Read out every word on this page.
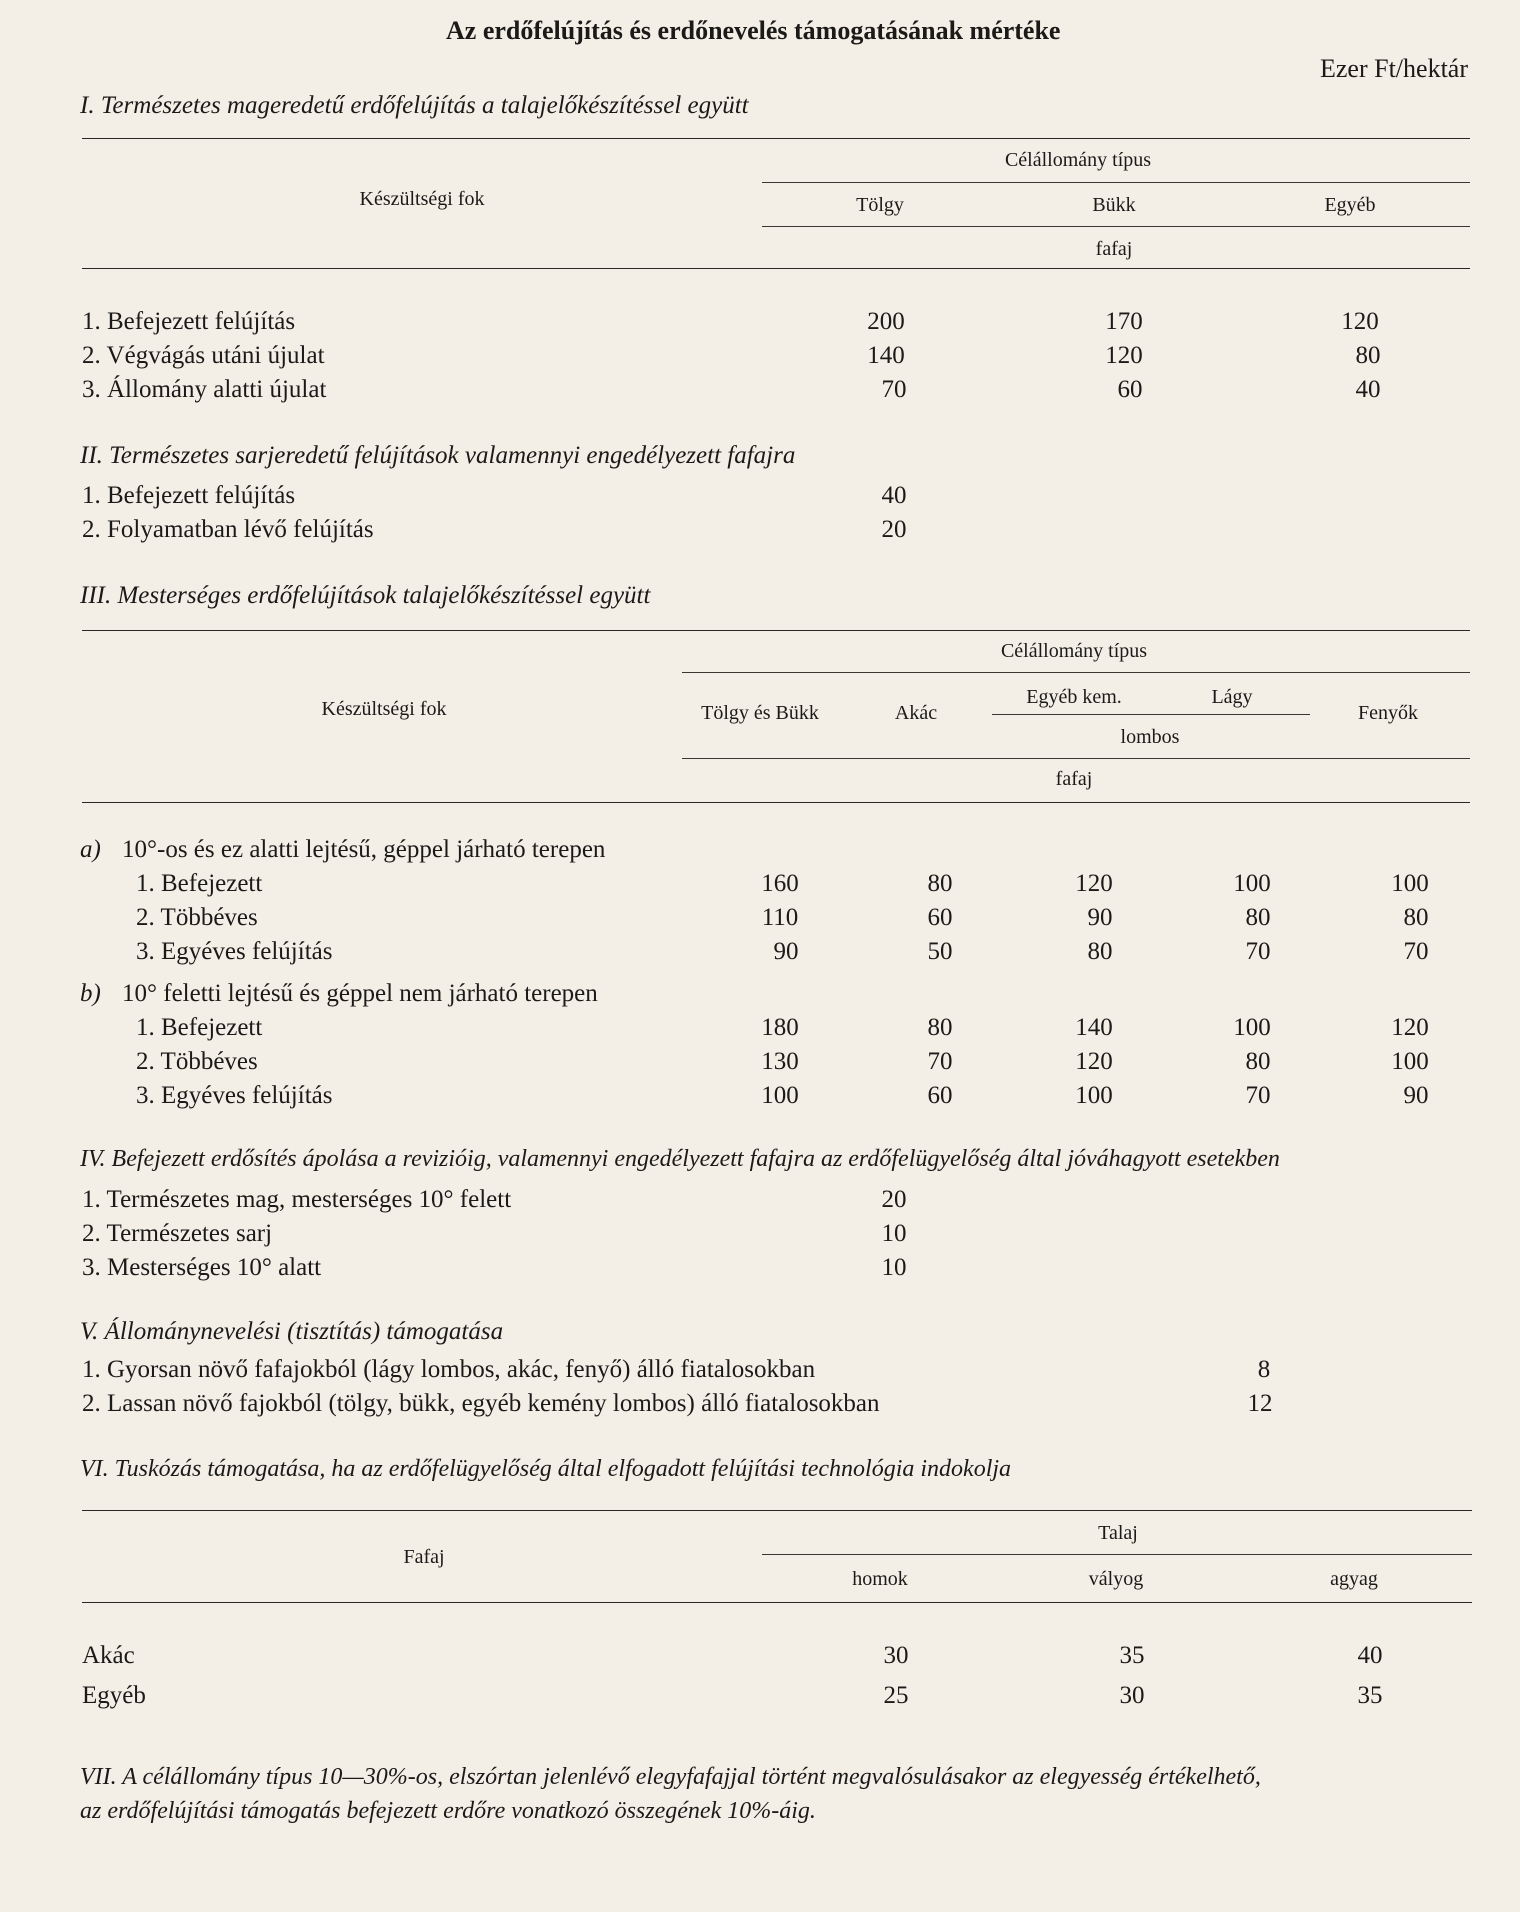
Az erdőfelújítás és erdőnevelés támogatásának mértéke
Ezer Ft/hektár
I. Természetes mageredetű erdőfelújítás a talajelőkészítéssel együtt
Célállomány típus
Készültségi fok	Tölgy	Bükk	Egyéb
fafaj
1. Befejezett felújítás	200	170	120
2. Végvágás utáni újulat	140	120	80
3. Állomány alatti újulat	70	60	40
II. Természetes sarjeredetű felújítások valamennyi engedélyezett fafajra
1. Befejezett felújítás	40
2. Folyamatban lévő felújítás	20
III. Mesterséges erdőfelújítások talajelőkészítéssel együtt
Célállomány típus
Készültségi fok	Tölgy és Bükk	Akác
Egyéb kem.	Lágy
lombos
Fenyők
fafaj
a) 10°-os és ez alatti lejtésű, géppel járható terepen
1. Befejezett	160	80	120	100	100
2. Többéves	110	60	90	80	80
3. Egyéves felújítás	90	50	80	70	70
b) 10° feletti lejtésű és géppel nem járható terepen
1. Befejezett	180	80	140	100	120
2. Többéves	130	70	120	80	100
3. Egyéves felújítás	100	60	100	70	90
IV. Befejezett erdősítés ápolása a revizióig, valamennyi engedélyezett fafajra az erdőfelügyelőség által jóváhagyott esetekben
1. Természetes mag, mesterséges 10° felett	20
2. Természetes sarj	10
3. Mesterséges 10° alatt	10
V. Állománynevelési (tisztítás) támogatása
1. Gyorsan növő fafajokból (lágy lombos, akác, fenyő) álló fiatalosokban	8
2. Lassan növő fajokból (tölgy, bükk, egyéb kemény lombos) álló fiatalosokban	12
VI. Tuskózás támogatása, ha az erdőfelügyelőség által elfogadott felújítási technológia indokolja
Talaj
Fafaj
homok	vályog	agyag
Akác	30	35	40
Egyéb	25	30	35
VII. A célállomány típus 10—30%-os, elszórtan jelenlévő elegyfafajjal történt megvalósulásakor az elegyesség értékelhető,
az erdőfelújítási támogatás befejezett erdőre vonatkozó összegének 10%-áig.
